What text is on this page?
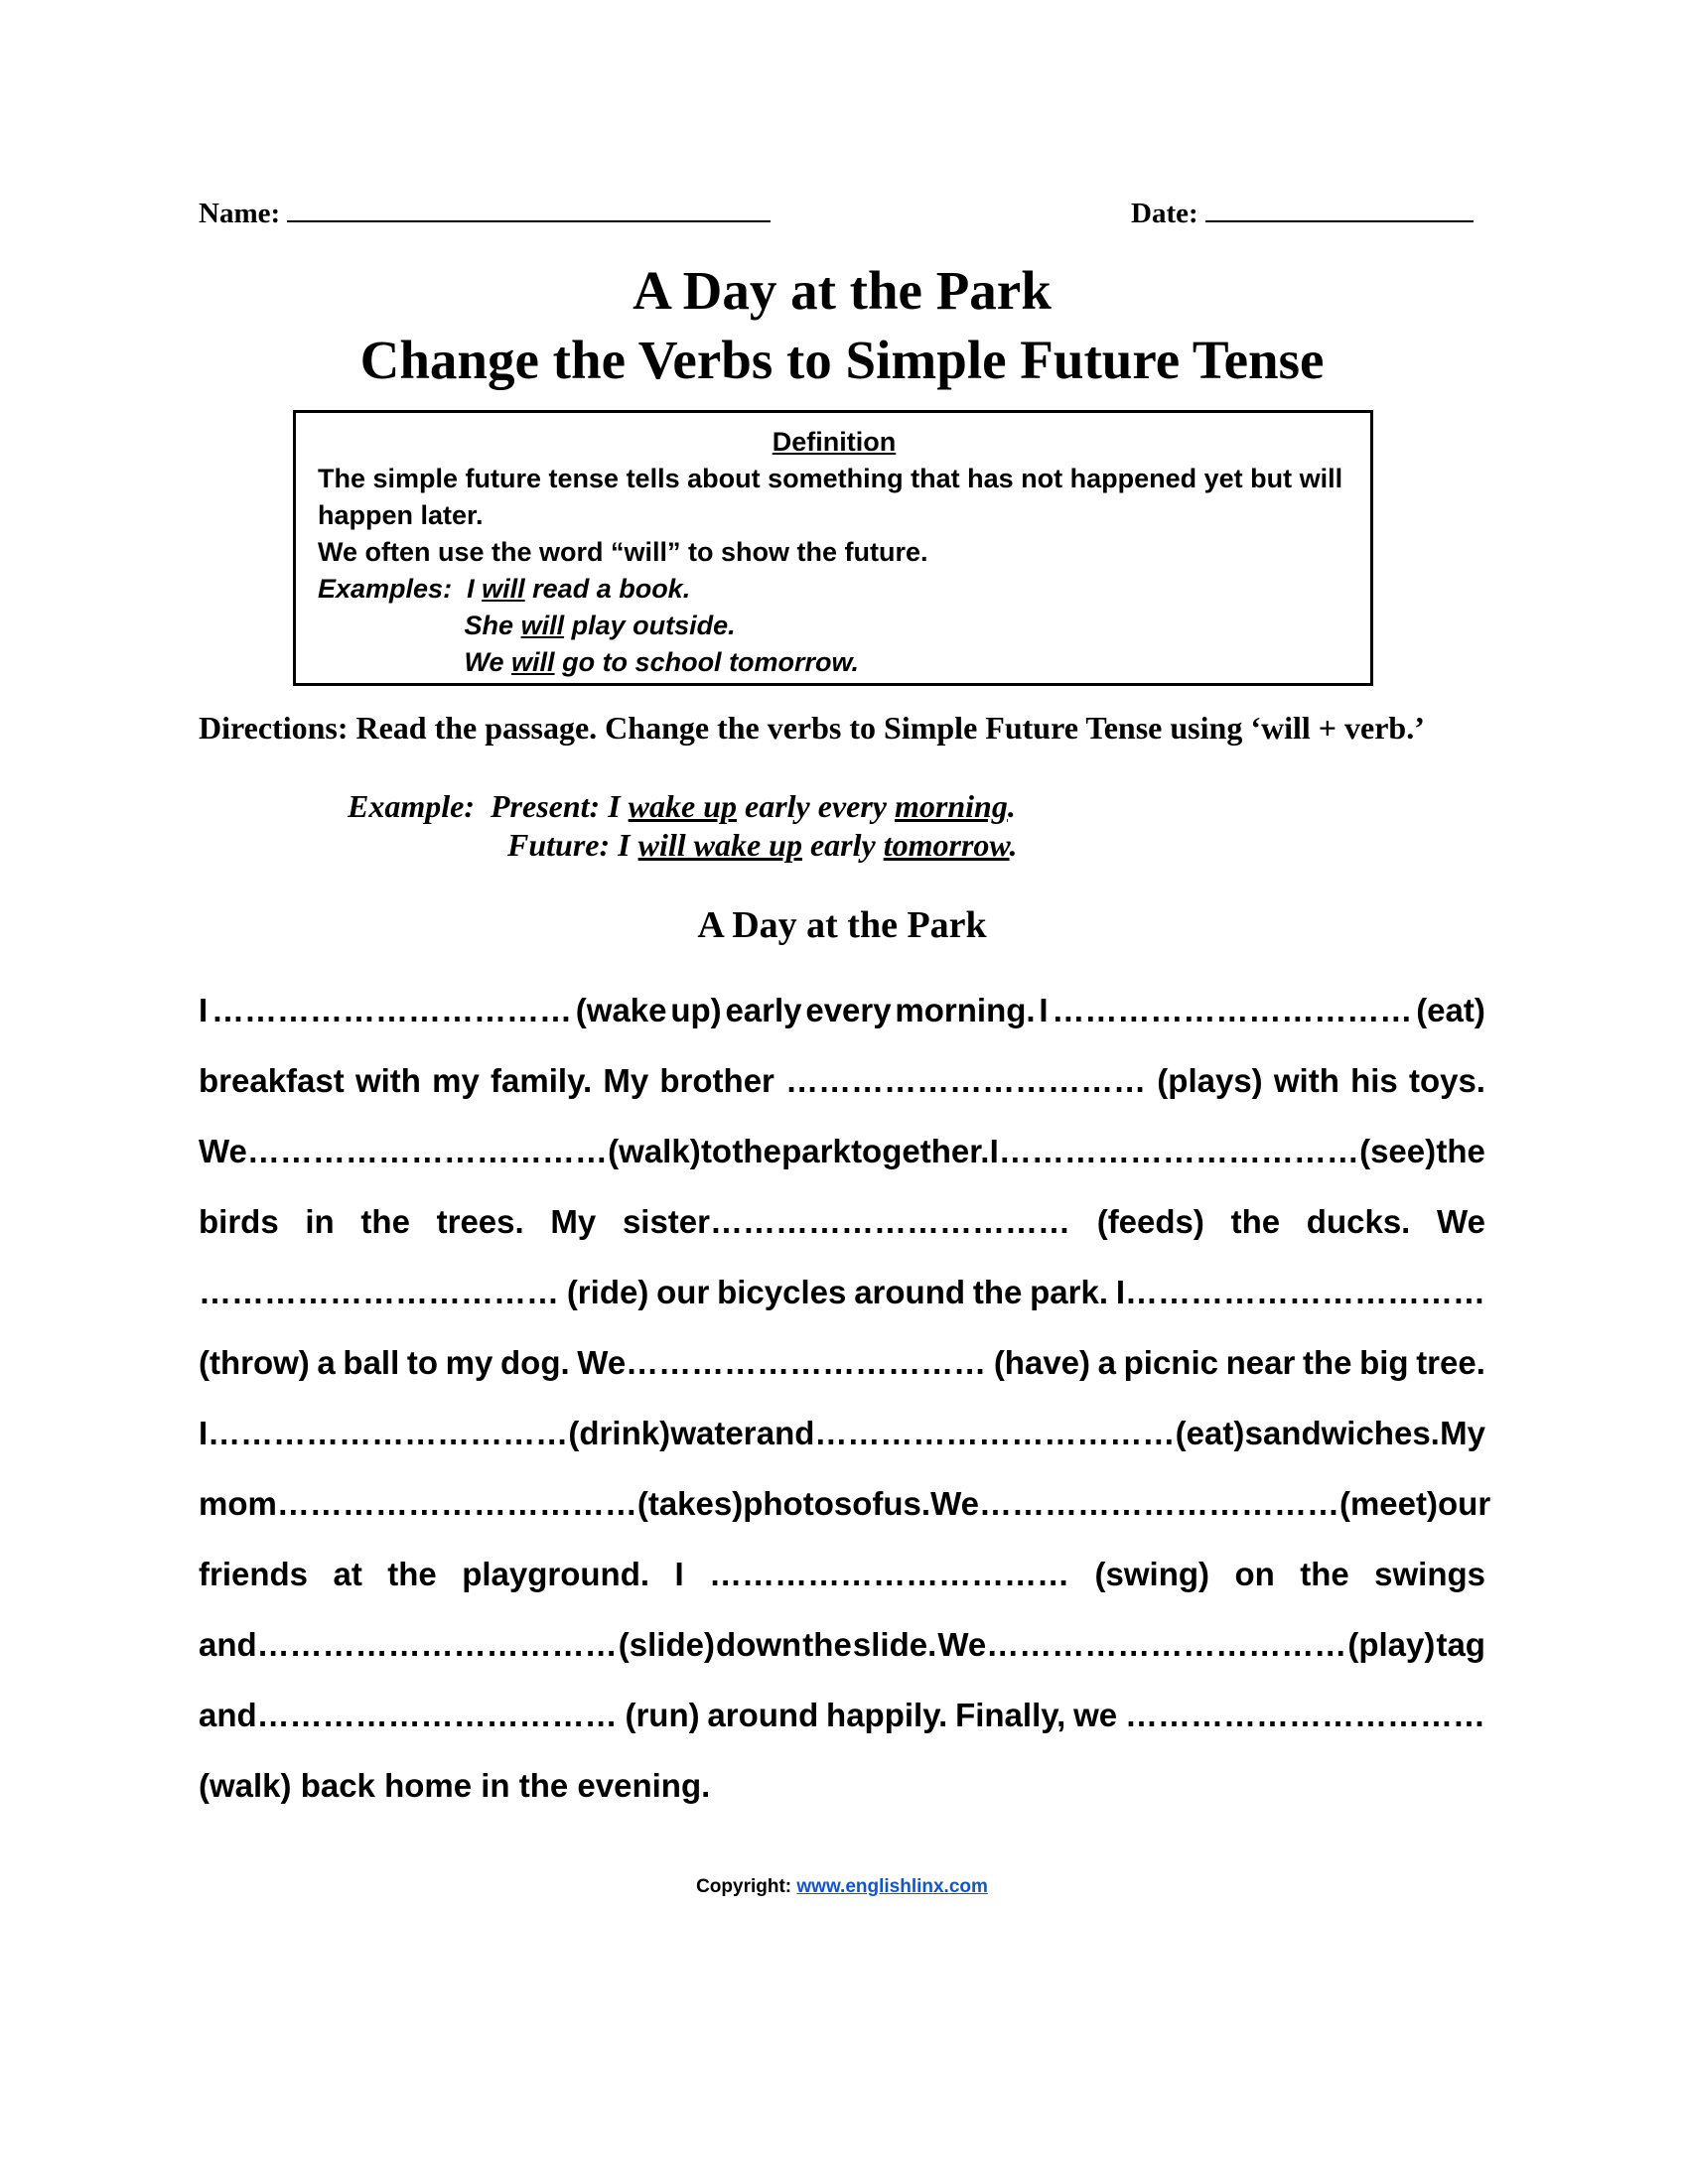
Name:	Date:
A Day at the Park
Change the Verbs to Simple Future Tense
Definition
The simple future tense tells about something that has not happened yet but will
happen later.
We often use the word “will” to show the future.
Examples: I will read a book.
She will play outside.
We will go to school tomorrow.
Directions: Read the passage. Change the verbs to Simple Future Tense using ‘will + verb.’
Example: Present: I wake up early every morning.
Future: I will wake up early tomorrow.
A Day at the Park
I …………………………… (wake up) early every morning. I …………………………… (eat)
breakfast with my family. My brother …………………………… (plays) with his toys.
We…………………………… (walk) to the park together. I…………………………… (see) the
birds in the trees. My sister…………………………… (feeds) the ducks. We
…………………………… (ride) our bicycles around the park. I……………………………
(throw) a ball to my dog. We…………………………… (have) a picnic near the big tree.
I…………………………… (drink) water and…………………………… (eat) sandwiches. My
mom…………………………… (takes) photos of us. We…………………………… (meet) our
friends at the playground. I …………………………… (swing) on the swings
and…………………………… (slide) down the slide. We…………………………… (play) tag
and…………………………… (run) around happily. Finally, we ……………………………
(walk) back home in the evening.
Copyright: www.englishlinx.com
